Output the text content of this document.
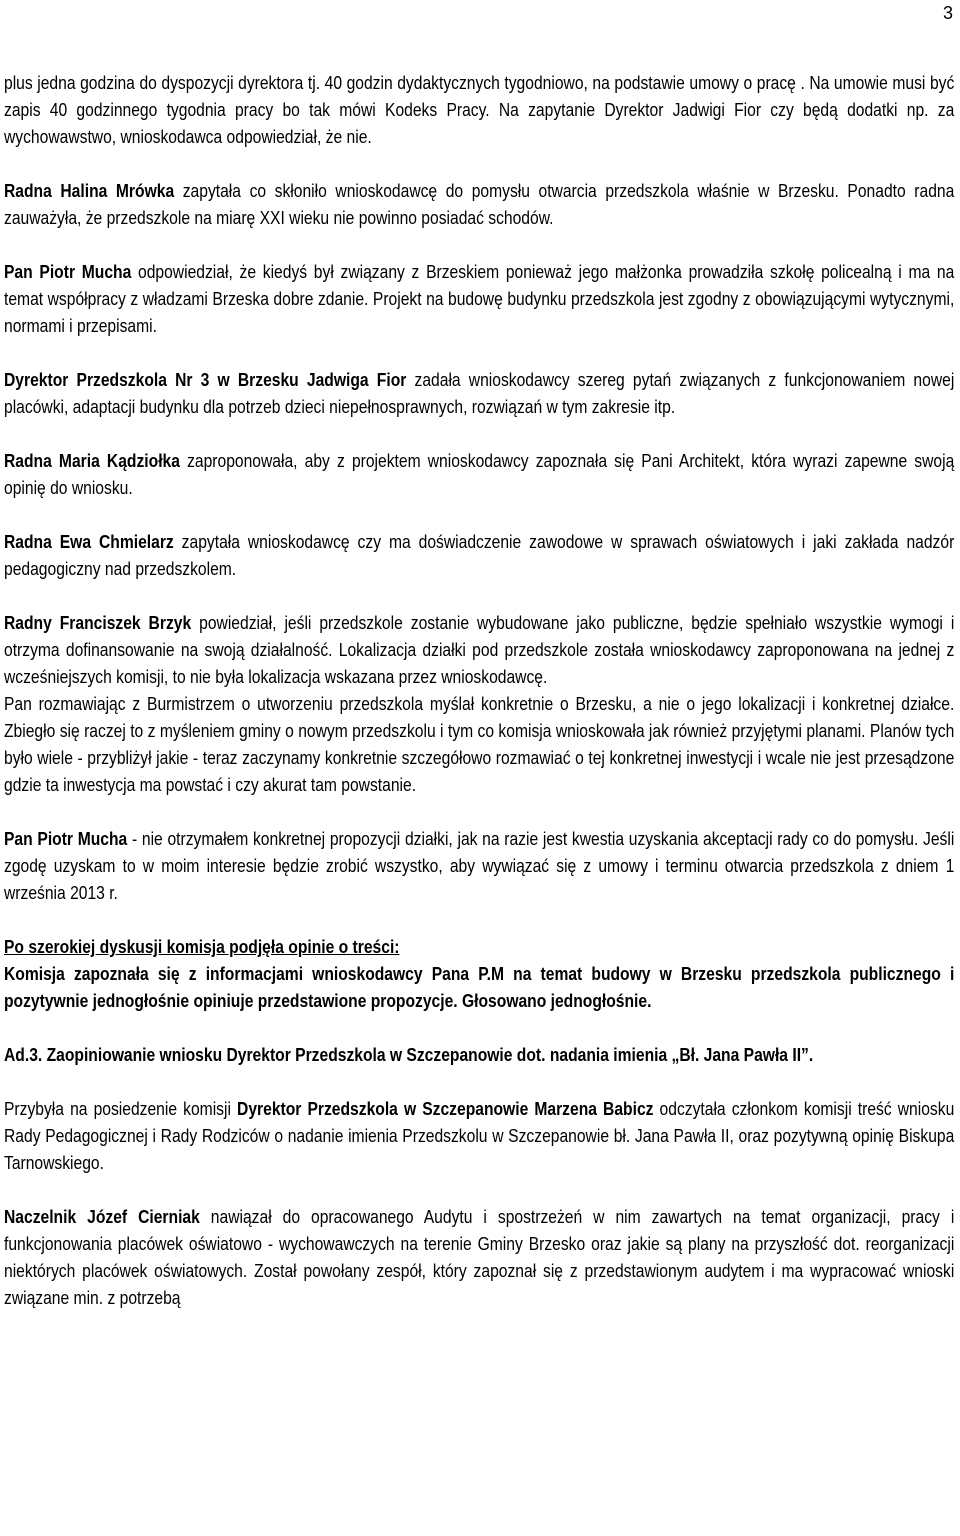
3

plus jedna godzina do dyspozycji dyrektora tj. 40 godzin dydaktycznych tygodniowo, na podstawie umowy o pracę . Na umowie musi być zapis 40 godzinnego tygodnia pracy bo tak mówi Kodeks Pracy. Na zapytanie Dyrektor Jadwigi Fior czy będą dodatki np. za wychowawstwo, wnioskodawca odpowiedział, że nie.

Radna Halina Mrówka zapytała co skłoniło wnioskodawcę do pomysłu otwarcia przedszkola właśnie w Brzesku. Ponadto radna zauważyła, że przedszkole na miarę XXI wieku nie powinno posiadać schodów.

Pan Piotr Mucha odpowiedział, że kiedyś był związany z Brzeskiem ponieważ jego małżonka prowadziła szkołę policealną i ma na temat współpracy z władzami Brzeska dobre zdanie. Projekt na budowę budynku przedszkola jest zgodny z obowiązującymi wytycznymi, normami i przepisami.

Dyrektor Przedszkola Nr 3 w Brzesku Jadwiga Fior zadała wnioskodawcy szereg pytań związanych z funkcjonowaniem nowej placówki, adaptacji budynku dla potrzeb dzieci niepełnosprawnych, rozwiązań w tym zakresie itp.

Radna Maria Kądziołka zaproponowała, aby z projektem wnioskodawcy zapoznała się Pani Architekt, która wyrazi zapewne swoją opinię do wniosku.

Radna Ewa Chmielarz zapytała wnioskodawcę czy ma doświadczenie zawodowe w sprawach oświatowych i jaki zakłada nadzór pedagogiczny nad przedszkolem.

Radny Franciszek Brzyk powiedział, jeśli przedszkole zostanie wybudowane jako publiczne, będzie spełniało wszystkie wymogi i otrzyma dofinansowanie na swoją działalność. Lokalizacja działki pod przedszkole została wnioskodawcy zaproponowana na jednej z wcześniejszych komisji, to nie była lokalizacja wskazana przez wnioskodawcę.

Pan rozmawiając z Burmistrzem o utworzeniu przedszkola myślał konkretnie o Brzesku, a nie o jego lokalizacji i konkretnej działce. Zbiegło się raczej to z myśleniem gminy o nowym przedszkolu i tym co komisja wnioskowała jak również przyjętymi planami. Planów tych było wiele - przybliżył jakie - teraz zaczynamy konkretnie szczegółowo rozmawiać o tej konkretnej inwestycji i wcale nie jest przesądzone gdzie ta inwestycja ma powstać i czy akurat tam powstanie.

Pan Piotr Mucha - nie otrzymałem konkretnej propozycji działki, jak na razie jest kwestia uzyskania akceptacji rady co do pomysłu. Jeśli zgodę uzyskam to w moim interesie będzie zrobić wszystko, aby wywiązać się z umowy i terminu otwarcia przedszkola z dniem 1 września 2013 r.

Po szerokiej dyskusji komisja podjęła opinie o treści:

Komisja zapoznała się z informacjami wnioskodawcy Pana P.M na temat budowy w Brzesku przedszkola publicznego i pozytywnie jednogłośnie opiniuje przedstawione propozycje. Głosowano jednogłośnie.

Ad.3. Zaopiniowanie wniosku Dyrektor Przedszkola w Szczepanowie dot. nadania imienia „Bł. Jana Pawła II”.

Przybyła na posiedzenie komisji Dyrektor Przedszkola w Szczepanowie Marzena Babicz odczytała członkom komisji treść wniosku Rady Pedagogicznej i Rady Rodziców o nadanie imienia Przedszkolu w Szczepanowie bł. Jana Pawła II, oraz pozytywną opinię Biskupa Tarnowskiego.

Naczelnik Józef Cierniak nawiązał do opracowanego Audytu i spostrzeżeń w nim zawartych na temat organizacji, pracy i funkcjonowania placówek oświatowo - wychowawczych na terenie Gminy Brzesko oraz jakie są plany na przyszłość dot. reorganizacji niektórych placówek oświatowych. Został powołany zespół, który zapoznał się z przedstawionym audytem i ma wypracować wnioski związane min. z potrzebą
